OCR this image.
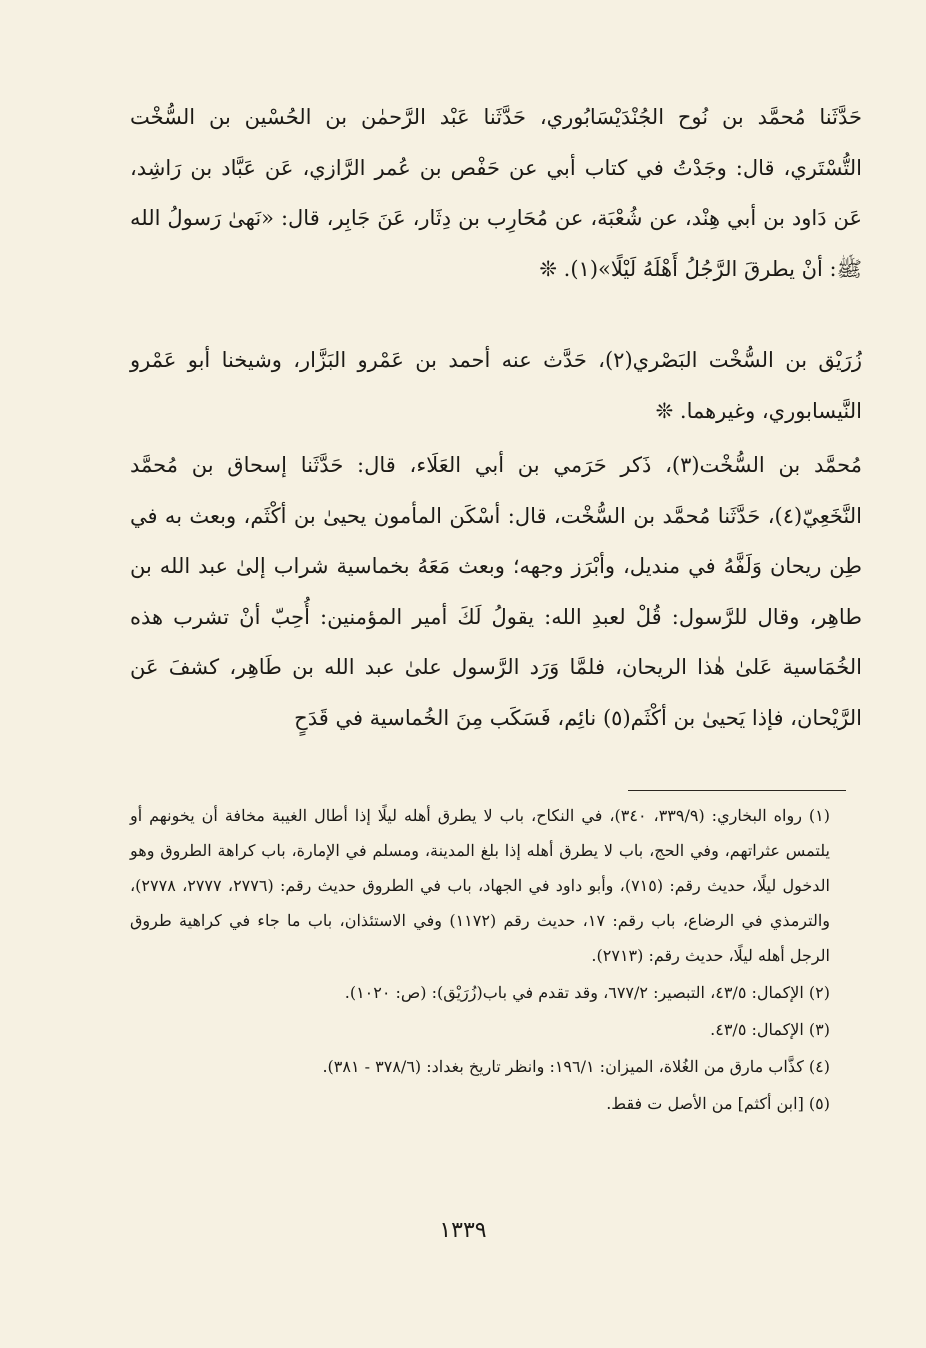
حَدَّثَنا مُحمَّد بن نُوح الجُنْدَيْسَابُوري، حَدَّثَنا عَبْد الرَّحمٰن بن الحُسْين بن السُّخْت التُّسْتَري، قال: وجَدْتُ في كتاب أبي عن حَفْص بن عُمر الرَّازي، عَن عَبَّاد بن رَاشِد، عَن دَاود بن أبي هِنْد، عن شُعْبَة، عن مُحَارِب بن دِثَار، عَنَ جَابِر، قال: «نَهىٰ رَسولُ الله ﷺ: أنْ يطرقَ الرَّجُلُ أَهْلَهُ لَيْلًا»(١). ❊
زُرَيْق بن السُّخْت البَصْري(٢)، حَدَّث عنه أحمد بن عَمْرو البَزَّار، وشيخنا أبو عَمْرو النَّيسابوري، وغيرهما. ❊
مُحمَّد بن السُّخْت(٣)، ذَكر حَرَمي بن أبي العَلَاء، قال: حَدَّثَنا إسحاق بن مُحمَّد النَّخَعِيّ(٤)، حَدَّثَنا مُحمَّد بن السُّخْت، قال: أسْكَن المأمون يحيىٰ بن أكْثَم، وبعث به في طِن ريحان وَلَفَّهُ في منديل، وأبْرَز وجهه؛ وبعث مَعَهُ بخماسية شراب إلىٰ عبد الله بن طاهِر، وقال للرَّسول: قُلْ لعبدِ الله: يقولُ لَكَ أمير المؤمنين: أُحِبّ أنْ تشرب هذه الخُمَاسية عَلىٰ هٰذا الريحان، فلمَّا وَرَد الرَّسول علىٰ عبد الله بن طَاهِر، كشفَ عَن الرَّيْحان، فإذا يَحيىٰ بن أكْثَم(٥) نائِم، فَسَكَب مِنَ الخُماسية في قَدَحٍ

(١) رواه البخاري: (٣٣٩/٩، ٣٤٠)، في النكاح، باب لا يطرق أهله ليلًا إذا أطال الغيبة مخافة أن يخونهم أو يلتمس عثراتهم، وفي الحج، باب لا يطرق أهله إذا بلغ المدينة، ومسلم في الإمارة، باب كراهة الطروق وهو الدخول ليلًا، حديث رقم: (٧١٥)، وأبو داود في الجهاد، باب في الطروق حديث رقم: (٢٧٧٦، ٢٧٧٧، ٢٧٧٨)، والترمذي في الرضاع، باب رقم: ١٧، حديث رقم (١١٧٢) وفي الاستئذان، باب ما جاء في كراهية طروق الرجل أهله ليلًا، حديث رقم: (٢٧١٣).

(٢) الإكمال: ٤٣/٥، التبصير: ٦٧٧/٢، وقد تقدم في باب(زُرَيْق): (ص: ١٠٢٠).

(٣) الإكمال: ٤٣/٥.

(٤) كذَّاب مارق من الغُلاة، الميزان: ١٩٦/١: وانظر تاريخ بغداد: (٣٧٨/٦ - ٣٨١).

(٥) [ابن أكثم] من الأصل ت فقط.

١٣٣٩
